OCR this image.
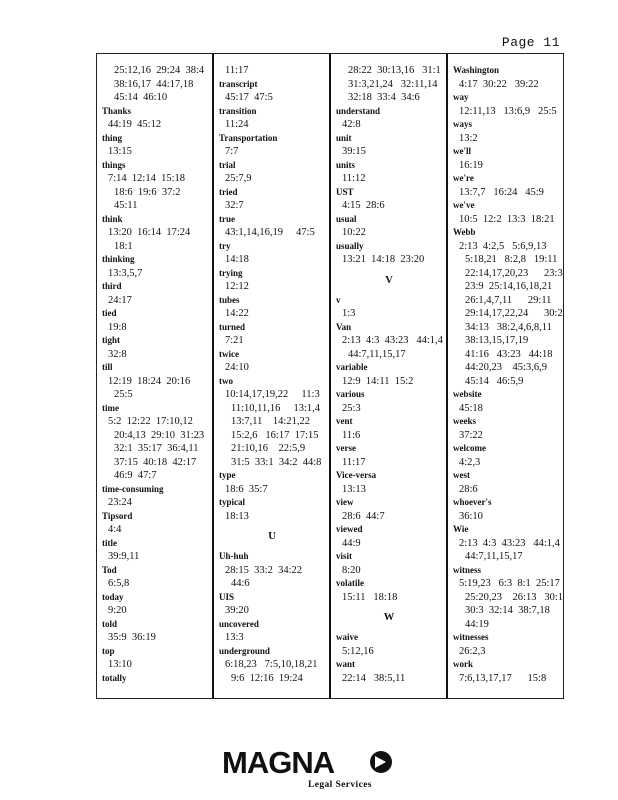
Page 11
25:12,16  29:24  38:4
38:16,17  44:17,18
45:14  46:10
Thanks
44:19  45:12
thing
13:15
things
7:14  12:14  15:18
18:6  19:6  37:2
45:11
think
13:20  16:14  17:24
18:1
thinking
13:3,5,7
third
24:17
tied
19:8
tight
32:8
till
12:19  18:24  20:16
25:5
time
5:2  12:22  17:10,12
20:4,13  29:10  31:23
32:1  35:17  36:4,11
37:15  40:18  42:17
46:9  47:7
time-consuming
23:24
Tipsord
4:4
title
39:9,11
Tod
6:5,8
today
9:20
told
35:9  36:19
top
13:10
totally
11:17
transcript
45:17  47:5
transition
11:24
Transportation
7:7
trial
25:7,9
tried
32:7
true
43:1,14,16,19     47:5
try
14:18
trying
12:12
tubes
14:22
turned
7:21
twice
24:10
two
10:14,17,19,22     11:3
11:10,11,16     13:1,4
13:7,11    14:21,22
15:2,6   16:17  17:15
21:10,16    22:5,9
31:5  33:1  34:2  44:8
type
18:6  35:7
typical
18:13
U
Uh-huh
28:15  33:2  34:22
44:6
UIS
39:20
uncovered
13:3
underground
6:18,23   7:5,10,18,21
9:6  12:16  19:24
28:22  30:13,16   31:1
31:3,21,24   32:11,14
32:18  33:4  34:6
understand
42:8
unit
39:15
units
11:12
UST
4:15  28:6
usual
10:22
usually
13:21  14:18  23:20
V
v
1:3
Van
2:13  4:3  43:23   44:1,4
44:7,11,15,17
variable
12:9  14:11  15:2
various
25:3
vent
11:6
verse
11:17
Vice-versa
13:13
view
28:6  44:7
viewed
44:9
visit
8:20
volatile
15:11   18:18
W
waive
5:12,16
want
22:14   38:5,11
Washington
4:17  30:22   39:22
way
12:11,13   13:6,9   25:5
ways
13:2
we'll
16:19
we're
13:7,7   16:24   45:9
we've
10:5  12:2  13:3  18:21
Webb
2:13  4:2,5   5:6,9,13
5:18,21   8:2,8   19:11
22:14,17,20,23      23:3
23:9  25:14,16,18,21
26:1,4,7,11      29:11
29:14,17,22,24      30:2
34:13   38:2,4,6,8,11
38:13,15,17,19
41:16   43:23   44:18
44:20,23    45:3,6,9
45:14   46:5,9
website
45:18
weeks
37:22
welcome
4:2,3
west
28:6
whoever's
36:10
Wie
2:13  4:3  43:23   44:1,4
44:7,11,15,17
witness
5:19,23   6:3  8:1  25:17
25:20,23    26:13   30:1
30:3  32:14  38:7,18
44:19
witnesses
26:2,3
work
7:6,13,17,17      15:8
MAGNA
Legal Services
